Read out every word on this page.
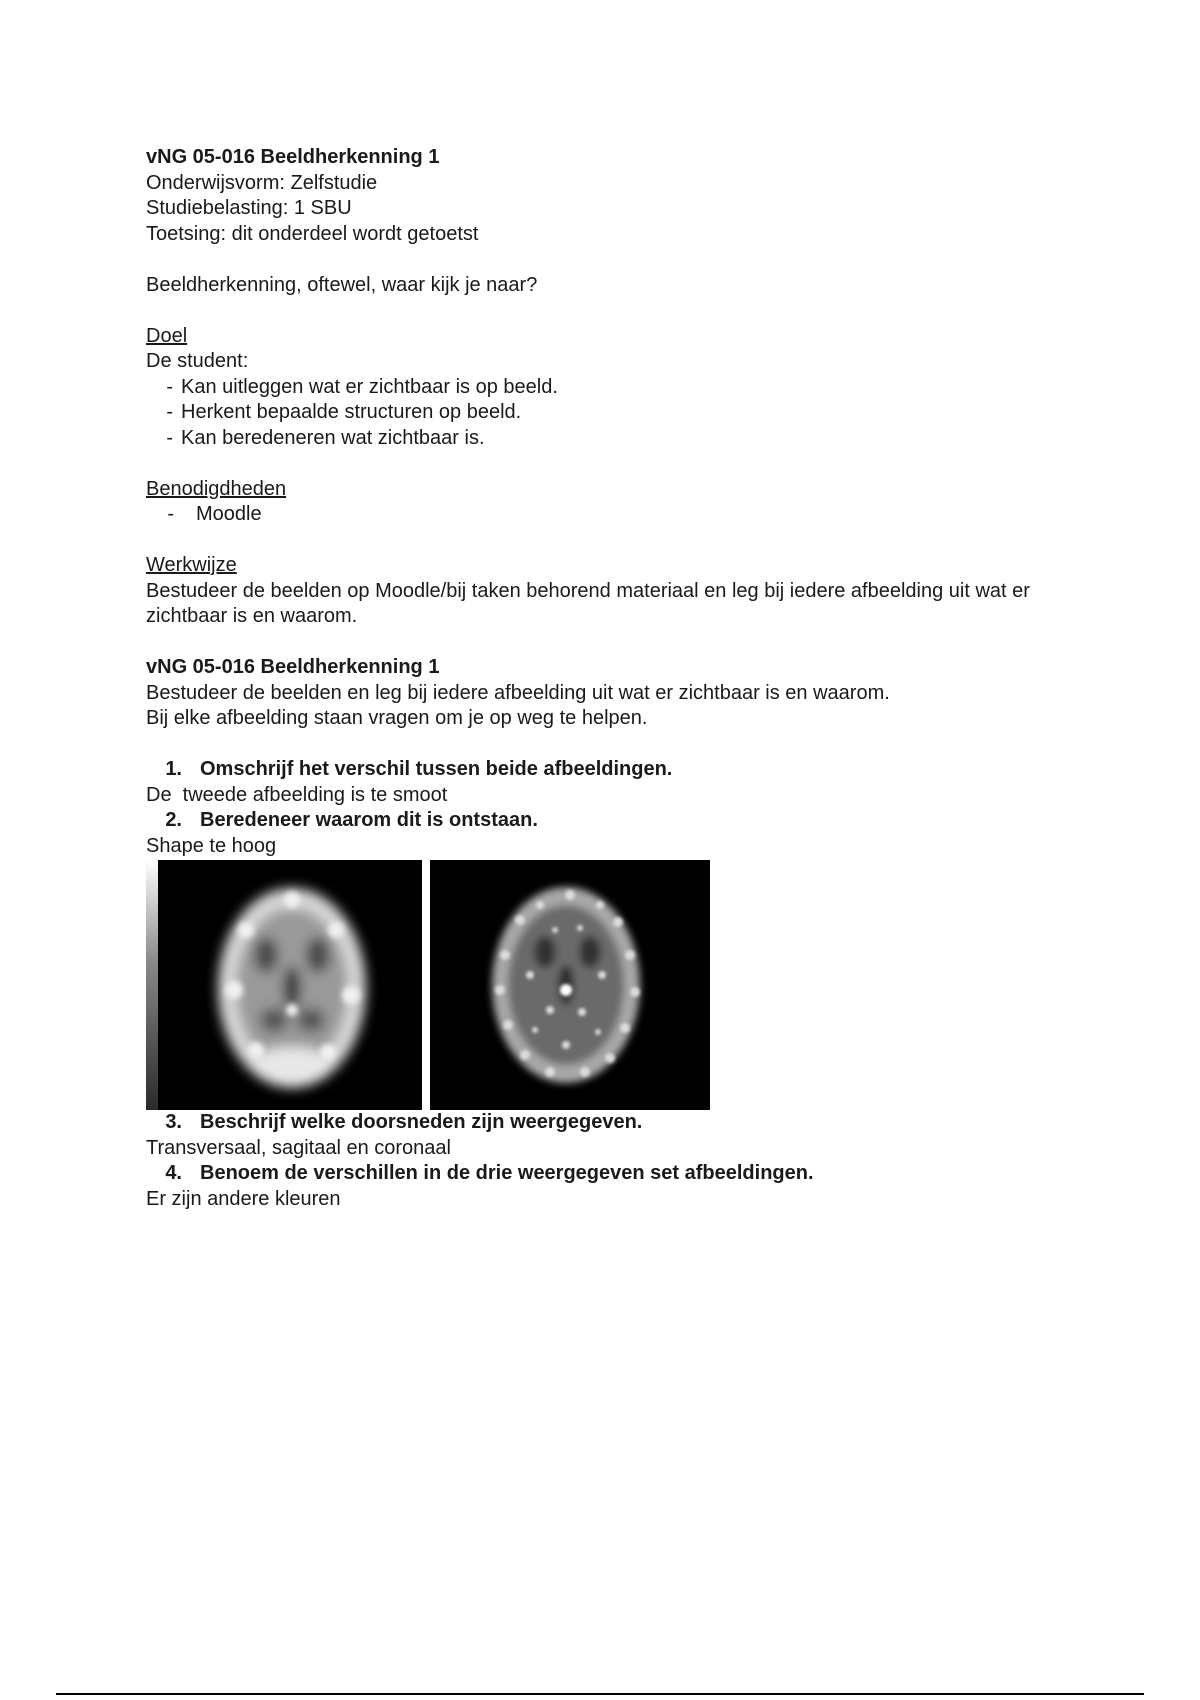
vNG 05-016 Beeldherkenning 1
Onderwijsvorm: Zelfstudie
Studiebelasting: 1 SBU
Toetsing: dit onderdeel wordt getoetst
Beeldherkenning, oftewel, waar kijk je naar?
Doel
De student:
- Kan uitleggen wat er zichtbaar is op beeld.
- Herkent bepaalde structuren op beeld.
- Kan beredeneren wat zichtbaar is.
Benodigdheden
-	Moodle
Werkwijze
Bestudeer de beelden op Moodle/bij taken behorend materiaal en leg bij iedere afbeelding uit wat er zichtbaar is en waarom.
vNG 05-016 Beeldherkenning 1
Bestudeer de beelden en leg bij iedere afbeelding uit wat er zichtbaar is en waarom.
Bij elke afbeelding staan vragen om je op weg te helpen.
1. Omschrijf het verschil tussen beide afbeeldingen.
De  tweede afbeelding is te smoot
2. Beredeneer waarom dit is ontstaan.
Shape te hoog
3. Beschrijf welke doorsneden zijn weergegeven.
Transversaal, sagitaal en coronaal
4. Benoem de verschillen in de drie weergegeven set afbeeldingen.
Er zijn andere kleuren
